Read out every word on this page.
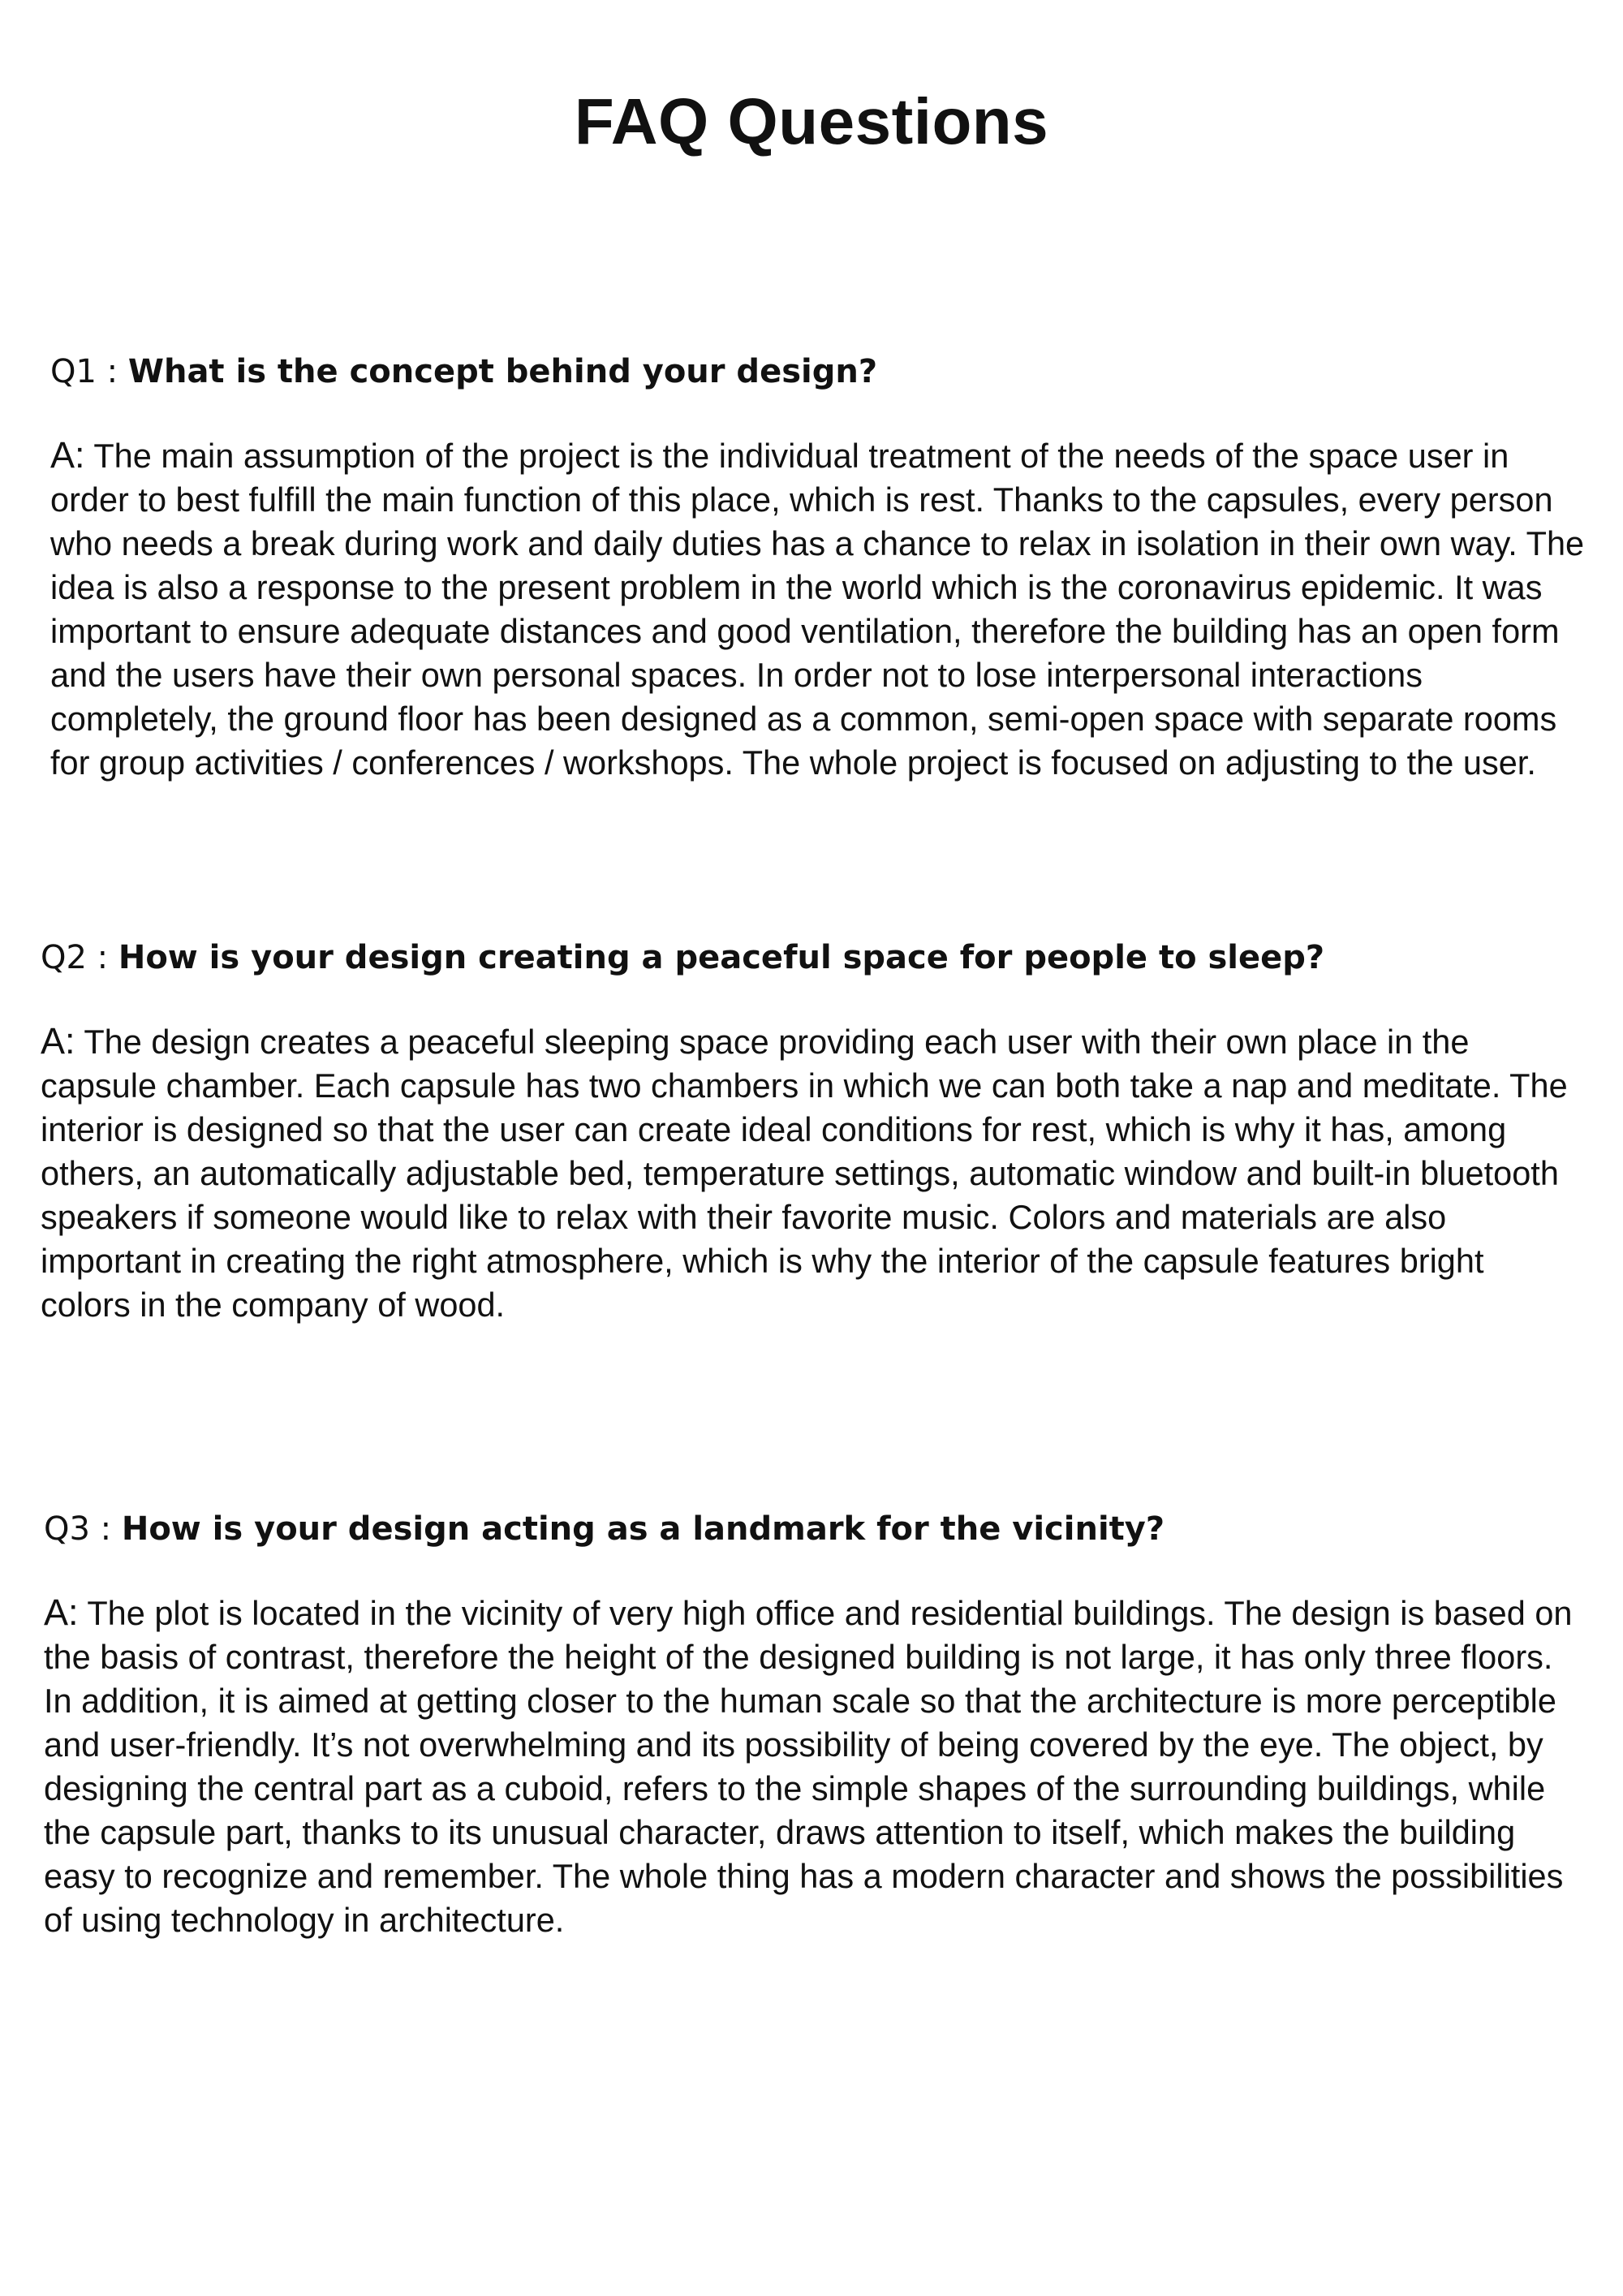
FAQ Questions

Q1 : What is the concept behind your design?

A: The main assumption of the project is the individual treatment of the needs of the space user in order to best fulfill the main function of this place, which is rest. Thanks to the capsules, every person who needs a break during work and daily duties has a chance to relax in isolation in their own way. The idea is also a response to the present problem in the world which is the coronavirus epidemic. It was important to ensure adequate distances and good ventilation, therefore the building has an open form and the users have their own personal spaces. In order not to lose interpersonal interactions completely, the ground floor has been designed as a common, semi-open space with separate rooms for group activities / conferences / workshops. The whole project is focused on adjusting to the user.

Q2 : How is your design creating a peaceful space for people to sleep?

A: The design creates a peaceful sleeping space providing each user with their own place in the capsule chamber. Each capsule has two chambers in which we can both take a nap and meditate. The interior is designed so that the user can create ideal conditions for rest, which is why it has, among others, an automatically adjustable bed, temperature settings, automatic window and built-in bluetooth speakers if someone would like to relax with their favorite music. Colors and materials are also important in creating the right atmosphere, which is why the interior of the capsule features bright colors in the company of wood.

Q3 : How is your design acting as a landmark for the vicinity?

A: The plot is located in the vicinity of very high office and residential buildings. The design is based on the basis of contrast, therefore the height of the designed building is not large, it has only three floors. In addition, it is aimed at getting closer to the human scale so that the architecture is more perceptible and user-friendly. It’s not overwhelming and its possibility of being covered by the eye. The object, by designing the central part as a cuboid, refers to the simple shapes of the surrounding buildings, while the capsule part, thanks to its unusual character, draws attention to itself, which makes the building easy to recognize and remember. The whole thing has a modern character and shows the possibilities of using technology in architecture.
